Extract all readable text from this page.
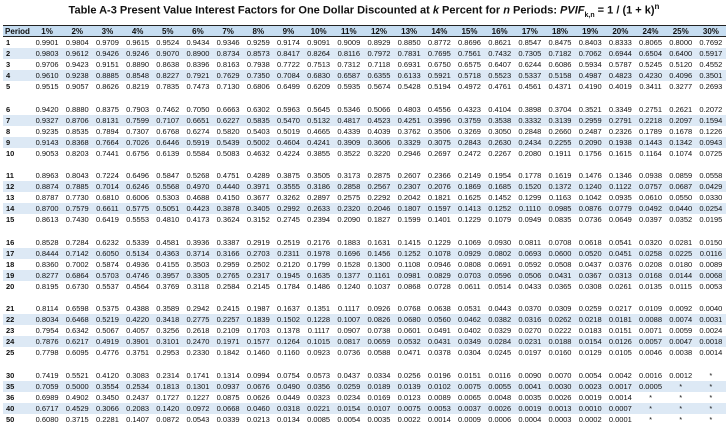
Table A-3 Present Value Interest Factors for One Dollar Discounted at k Percent for n Periods: $PVIF_{k,n} = 1 / (1 + k)^n$
Period	1%	2%	3%	4%	5%	6%	7%	8%	9%	10%	11%	12%	13%	14%	15%	16%	17%	18%	19%	20%	24%	25%	30%
1	0.9901	0.9804	0.9709	0.9615	0.9524	0.9434	0.9346	0.9259	0.9174	0.9091	0.9009	0.8929	0.8850	0.8772	0.8696	0.8621	0.8547	0.8475	0.8403	0.8333	0.8065	0.8000	0.7692
2	0.9803	0.9612	0.9426	0.9246	0.9070	0.8900	0.8734	0.8573	0.8417	0.8264	0.8116	0.7972	0.7831	0.7695	0.7561	0.7432	0.7305	0.7182	0.7062	0.6944	0.6504	0.6400	0.5917
3	0.9706	0.9423	0.9151	0.8890	0.8638	0.8396	0.8163	0.7938	0.7722	0.7513	0.7312	0.7118	0.6931	0.6750	0.6575	0.6407	0.6244	0.6086	0.5934	0.5787	0.5245	0.5120	0.4552
4	0.9610	0.9238	0.8885	0.8548	0.8227	0.7921	0.7629	0.7350	0.7084	0.6830	0.6587	0.6355	0.6133	0.5921	0.5718	0.5523	0.5337	0.5158	0.4987	0.4823	0.4230	0.4096	0.3501
5	0.9515	0.9057	0.8626	0.8219	0.7835	0.7473	0.7130	0.6806	0.6499	0.6209	0.5935	0.5674	0.5428	0.5194	0.4972	0.4761	0.4561	0.4371	0.4190	0.4019	0.3411	0.3277	0.2693

6	0.9420	0.8880	0.8375	0.7903	0.7462	0.7050	0.6663	0.6302	0.5963	0.5645	0.5346	0.5066	0.4803	0.4556	0.4323	0.4104	0.3898	0.3704	0.3521	0.3349	0.2751	0.2621	0.2072
7	0.9327	0.8706	0.8131	0.7599	0.7107	0.6651	0.6227	0.5835	0.5470	0.5132	0.4817	0.4523	0.4251	0.3996	0.3759	0.3538	0.3332	0.3139	0.2959	0.2791	0.2218	0.2097	0.1594
8	0.9235	0.8535	0.7894	0.7307	0.6768	0.6274	0.5820	0.5403	0.5019	0.4665	0.4339	0.4039	0.3762	0.3506	0.3269	0.3050	0.2848	0.2660	0.2487	0.2326	0.1789	0.1678	0.1226
9	0.9143	0.8368	0.7664	0.7026	0.6446	0.5919	0.5439	0.5002	0.4604	0.4241	0.3909	0.3606	0.3329	0.3075	0.2843	0.2630	0.2434	0.2255	0.2090	0.1938	0.1443	0.1342	0.0943
10	0.9053	0.8203	0.7441	0.6756	0.6139	0.5584	0.5083	0.4632	0.4224	0.3855	0.3522	0.3220	0.2946	0.2697	0.2472	0.2267	0.2080	0.1911	0.1756	0.1615	0.1164	0.1074	0.0725

11	0.8963	0.8043	0.7224	0.6496	0.5847	0.5268	0.4751	0.4289	0.3875	0.3505	0.3173	0.2875	0.2607	0.2366	0.2149	0.1954	0.1778	0.1619	0.1476	0.1346	0.0938	0.0859	0.0558
12	0.8874	0.7885	0.7014	0.6246	0.5568	0.4970	0.4440	0.3971	0.3555	0.3186	0.2858	0.2567	0.2307	0.2076	0.1869	0.1685	0.1520	0.1372	0.1240	0.1122	0.0757	0.0687	0.0429
13	0.8787	0.7730	0.6810	0.6006	0.5303	0.4688	0.4150	0.3677	0.3262	0.2897	0.2575	0.2292	0.2042	0.1821	0.1625	0.1452	0.1299	0.1163	0.1042	0.0935	0.0610	0.0550	0.0330
14	0.8700	0.7579	0.6611	0.5775	0.5051	0.4423	0.3878	0.3405	0.2992	0.2633	0.2320	0.2046	0.1807	0.1597	0.1413	0.1252	0.1110	0.0985	0.0876	0.0779	0.0492	0.0440	0.0254
15	0.8613	0.7430	0.6419	0.5553	0.4810	0.4173	0.3624	0.3152	0.2745	0.2394	0.2090	0.1827	0.1599	0.1401	0.1229	0.1079	0.0949	0.0835	0.0736	0.0649	0.0397	0.0352	0.0195

16	0.8528	0.7284	0.6232	0.5339	0.4581	0.3936	0.3387	0.2919	0.2519	0.2176	0.1883	0.1631	0.1415	0.1229	0.1069	0.0930	0.0811	0.0708	0.0618	0.0541	0.0320	0.0281	0.0150
17	0.8444	0.7142	0.6050	0.5134	0.4363	0.3714	0.3166	0.2703	0.2311	0.1978	0.1696	0.1456	0.1252	0.1078	0.0929	0.0802	0.0693	0.0600	0.0520	0.0451	0.0258	0.0225	0.0116
18	0.8360	0.7002	0.5874	0.4936	0.4155	0.3503	0.2959	0.2502	0.2120	0.1799	0.1528	0.1300	0.1108	0.0946	0.0808	0.0691	0.0592	0.0508	0.0437	0.0376	0.0208	0.0180	0.0089
19	0.8277	0.6864	0.5703	0.4746	0.3957	0.3305	0.2765	0.2317	0.1945	0.1635	0.1377	0.1161	0.0981	0.0829	0.0703	0.0596	0.0506	0.0431	0.0367	0.0313	0.0168	0.0144	0.0068
20	0.8195	0.6730	0.5537	0.4564	0.3769	0.3118	0.2584	0.2145	0.1784	0.1486	0.1240	0.1037	0.0868	0.0728	0.0611	0.0514	0.0433	0.0365	0.0308	0.0261	0.0135	0.0115	0.0053

21	0.8114	0.6598	0.5375	0.4388	0.3589	0.2942	0.2415	0.1987	0.1637	0.1351	0.1117	0.0926	0.0768	0.0638	0.0531	0.0443	0.0370	0.0309	0.0259	0.0217	0.0109	0.0092	0.0040
22	0.8034	0.6468	0.5219	0.4220	0.3418	0.2775	0.2257	0.1839	0.1502	0.1228	0.1007	0.0826	0.0680	0.0560	0.0462	0.0382	0.0316	0.0262	0.0218	0.0181	0.0088	0.0074	0.0031
23	0.7954	0.6342	0.5067	0.4057	0.3256	0.2618	0.2109	0.1703	0.1378	0.1117	0.0907	0.0738	0.0601	0.0491	0.0402	0.0329	0.0270	0.0222	0.0183	0.0151	0.0071	0.0059	0.0024
24	0.7876	0.6217	0.4919	0.3901	0.3101	0.2470	0.1971	0.1577	0.1264	0.1015	0.0817	0.0659	0.0532	0.0431	0.0349	0.0284	0.0231	0.0188	0.0154	0.0126	0.0057	0.0047	0.0018
25	0.7798	0.6095	0.4776	0.3751	0.2953	0.2330	0.1842	0.1460	0.1160	0.0923	0.0736	0.0588	0.0471	0.0378	0.0304	0.0245	0.0197	0.0160	0.0129	0.0105	0.0046	0.0038	0.0014

30	0.7419	0.5521	0.4120	0.3083	0.2314	0.1741	0.1314	0.0994	0.0754	0.0573	0.0437	0.0334	0.0256	0.0196	0.0151	0.0116	0.0090	0.0070	0.0054	0.0042	0.0016	0.0012	*
35	0.7059	0.5000	0.3554	0.2534	0.1813	0.1301	0.0937	0.0676	0.0490	0.0356	0.0259	0.0189	0.0139	0.0102	0.0075	0.0055	0.0041	0.0030	0.0023	0.0017	0.0005	*	*
36	0.6989	0.4902	0.3450	0.2437	0.1727	0.1227	0.0875	0.0626	0.0449	0.0323	0.0234	0.0169	0.0123	0.0089	0.0065	0.0048	0.0035	0.0026	0.0019	0.0014	*	*	*
40	0.6717	0.4529	0.3066	0.2083	0.1420	0.0972	0.0668	0.0460	0.0318	0.0221	0.0154	0.0107	0.0075	0.0053	0.0037	0.0026	0.0019	0.0013	0.0010	0.0007	*	*	*
50	0.6080	0.3715	0.2281	0.1407	0.0872	0.0543	0.0339	0.0213	0.0134	0.0085	0.0054	0.0035	0.0022	0.0014	0.0009	0.0006	0.0004	0.0003	0.0002	0.0001	*	*	*
